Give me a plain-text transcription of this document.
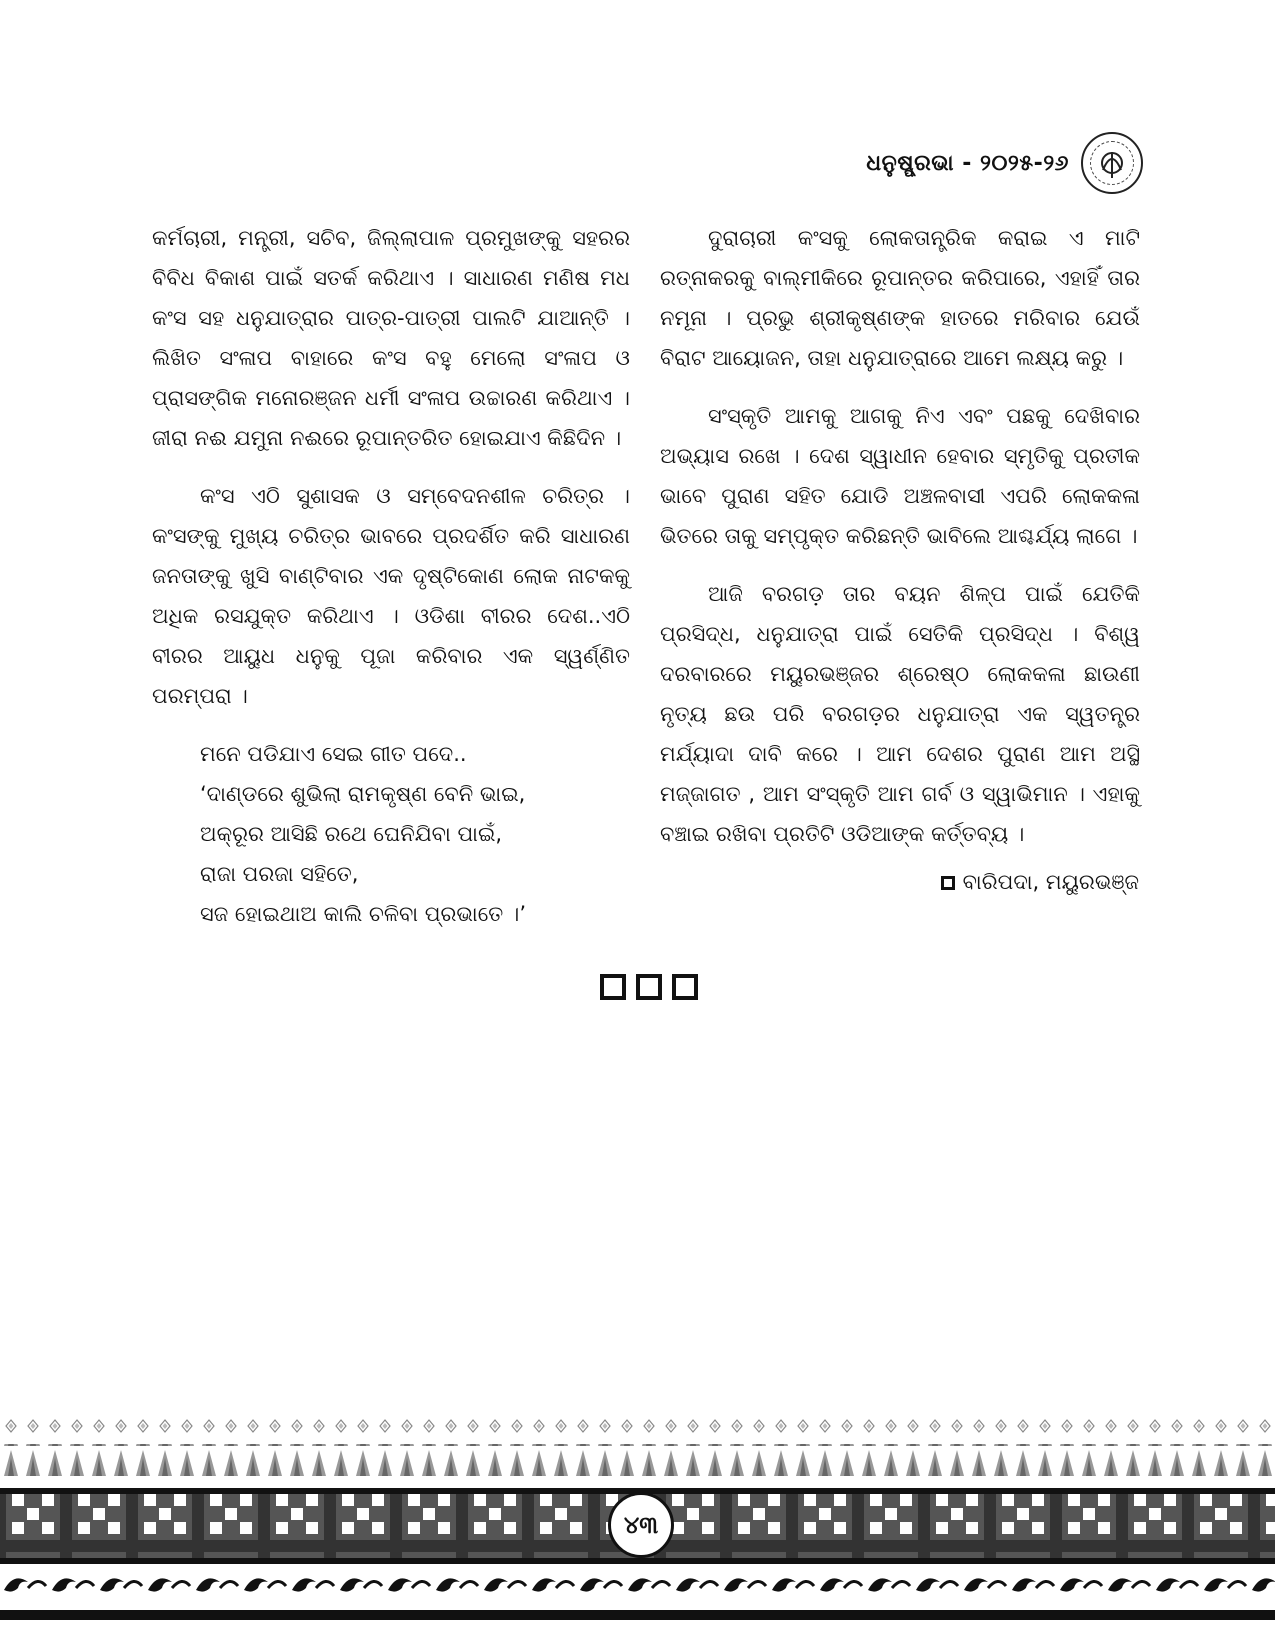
ଧନୁଷ୍ପ୍ରଭା - ୨୦୨୫-୨୬

କର୍ମଚାରୀ, ମନ୍ତ୍ରୀ, ସଚିବ, ଜିଲ୍ଲାପାଳ ପ୍ରମୁଖଙ୍କୁ ସହରର ବିବିଧ ବିକାଶ ପାଇଁ ସତର୍କ କରିଥାଏ । ସାଧାରଣ ମଣିଷ ମଧ କଂସ ସହ ଧନୁଯାତ୍ରାର ପାତ୍ର-ପାତ୍ରୀ ପାଲଟି ଯାଆନ୍ତି । ଲିଖିତ ସଂଳାପ ବାହାରେ କଂସ ବହୁ ମେଲୋ ସଂଳାପ ଓ ପ୍ରାସଙ୍ଗିକ ମନୋରଞ୍ଜନ ଧର୍ମୀ ସଂଳାପ ଉଚ୍ଚାରଣ କରିଥାଏ । ଜୀରା ନଈ ଯମୁନା ନଈରେ ରୂପାନ୍ତରିତ ହୋଇଯାଏ କିଛିଦିନ ।

କଂସ ଏଠି ସୁଶାସକ ଓ ସମ୍ବେଦନଶୀଳ ଚରିତ୍ର । କଂସଙ୍କୁ ମୁଖ୍ୟ ଚରିତ୍ର ଭାବରେ ପ୍ରଦର୍ଶିତ କରି ସାଧାରଣ ଜନତାଙ୍କୁ ଖୁସି ବାଣ୍ଟିବାର ଏକ ଦୃଷ୍ଟିକୋଣ ଲୋକ ନାଟକକୁ ଅଧିକ ରସଯୁକ୍ତ କରିଥାଏ । ଓଡିଶା ବୀରର ଦେଶ..ଏଠି ବୀରର ଆୟୁଧ ଧନୁକୁ ପୂଜା କରିବାର ଏକ ସ୍ୱର୍ଣ୍ଣିତ ପରମ୍ପରା ।

ମନେ ପଡିଯାଏ ସେଇ ଗୀତ ପଦେ..
‘ଦାଣ୍ଡରେ ଶୁଭିଲା ରାମକୃଷ୍ଣ ବେନି ଭାଇ,
ଅକ୍ରୂର ଆସିଛି ରଥେ ଘେନିଯିବା ପାଇଁ,
ରାଜା ପରଜା ସହିତେ,
ସଜ ହୋଇଥାଅ କାଲି ଚଳିବା ପ୍ରଭାତେ ।’

ଦୁରାଚାରୀ କଂସକୁ ଲୋକତାନ୍ତ୍ରିକ କରାଇ ଏ ମାଟି ରତ୍ନାକରକୁ ବାଲ୍ମୀକିରେ ରୂପାନ୍ତର କରିପାରେ, ଏହାହିଁ ତାର ନମୂନା । ପ୍ରଭୁ ଶ୍ରୀକୃଷ୍ଣଙ୍କ ହାତରେ ମରିବାର ଯେଉଁ ବିରାଟ ଆୟୋଜନ, ତାହା ଧନୁଯାତ୍ରାରେ ଆମେ ଲକ୍ଷ୍ୟ କରୁ ।

ସଂସ୍କୃତି ଆମକୁ ଆଗକୁ ନିଏ ଏବଂ ପଛକୁ ଦେଖିବାର ଅଭ୍ୟାସ ରଖେ । ଦେଶ ସ୍ୱାଧୀନ ହେବାର ସ୍ମୃତିକୁ ପ୍ରତୀକ ଭାବେ ପୁରାଣ ସହିତ ଯୋଡି ଅଞ୍ଚଳବାସୀ ଏପରି ଲୋକକଳା ଭିତରେ ତାକୁ ସମ୍ପୃକ୍ତ କରିଛନ୍ତି ଭାବିଲେ ଆଶ୍ଚର୍ଯ୍ୟ ଲାଗେ ।

ଆଜି ବରଗଡ଼ ତାର ବୟନ ଶିଳ୍ପ ପାଇଁ ଯେତିକି ପ୍ରସିଦ୍ଧ, ଧନୁଯାତ୍ରା ପାଇଁ ସେତିକି ପ୍ରସିଦ୍ଧ । ବିଶ୍ୱ ଦରବାରରେ ମୟୁରଭଞ୍ଜର ଶ୍ରେଷ୍ଠ ଲୋକକଳା ଛାଉଣୀ ନୃତ୍ୟ ଛଉ ପରି ବରଗଡ଼ର ଧନୁଯାତ୍ରା ଏକ ସ୍ୱତନ୍ତ୍ର ମର୍ଯ୍ୟାଦା ଦାବି କରେ । ଆମ ଦେଶର ପୁରାଣ ଆମ ଅସ୍ଥି ମଜ୍ଜାଗତ , ଆମ ସଂସ୍କୃତି ଆମ ଗର୍ବ ଓ ସ୍ୱାଭିମାନ । ଏହାକୁ ବଞ୍ଚାଇ ରଖିବା ପ୍ରତିଟି ଓଡିଆଙ୍କ କର୍ତ୍ତବ୍ୟ ।

ବାରିପଦା, ମୟୁରଭଞ୍ଜ
୪୩
